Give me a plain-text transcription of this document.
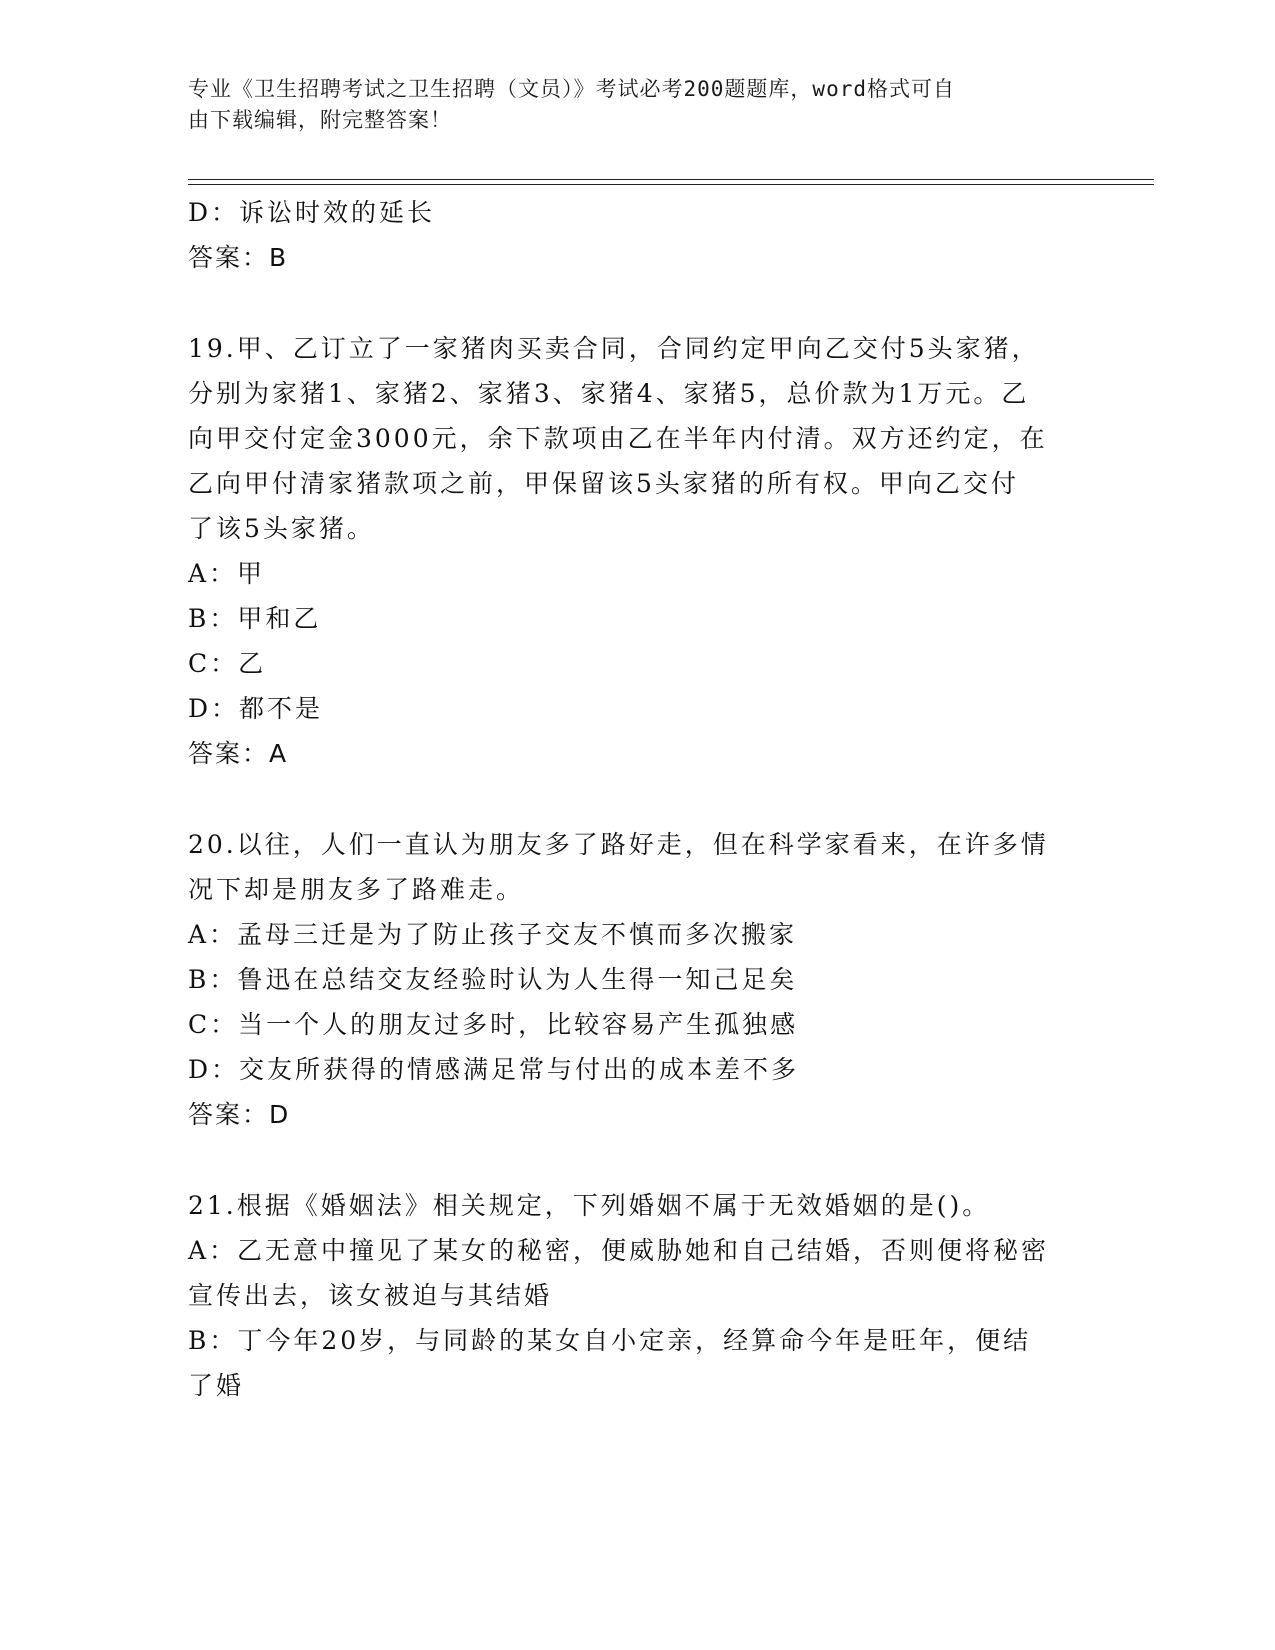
专业《卫生招聘考试之卫生招聘（文员）》考试必考200题题库，word格式可自
由下载编辑，附完整答案！
D：诉讼时效的延长
答案：B
19.甲、乙订立了一家猪肉买卖合同，合同约定甲向乙交付5头家猪，
分别为家猪1、家猪2、家猪3、家猪4、家猪5，总价款为1万元。乙
向甲交付定金3000元，余下款项由乙在半年内付清。双方还约定，在
乙向甲付清家猪款项之前，甲保留该5头家猪的所有权。甲向乙交付
了该5头家猪。
A：甲
B：甲和乙
C：乙
D：都不是
答案：A
20.以往，人们一直认为朋友多了路好走，但在科学家看来，在许多情
况下却是朋友多了路难走。
A：孟母三迁是为了防止孩子交友不慎而多次搬家
B：鲁迅在总结交友经验时认为人生得一知己足矣
C：当一个人的朋友过多时，比较容易产生孤独感
D：交友所获得的情感满足常与付出的成本差不多
答案：D
21.根据《婚姻法》相关规定，下列婚姻不属于无效婚姻的是()。
A：乙无意中撞见了某女的秘密，便威胁她和自己结婚，否则便将秘密
宣传出去，该女被迫与其结婚
B：丁今年20岁，与同龄的某女自小定亲，经算命今年是旺年，便结
了婚
